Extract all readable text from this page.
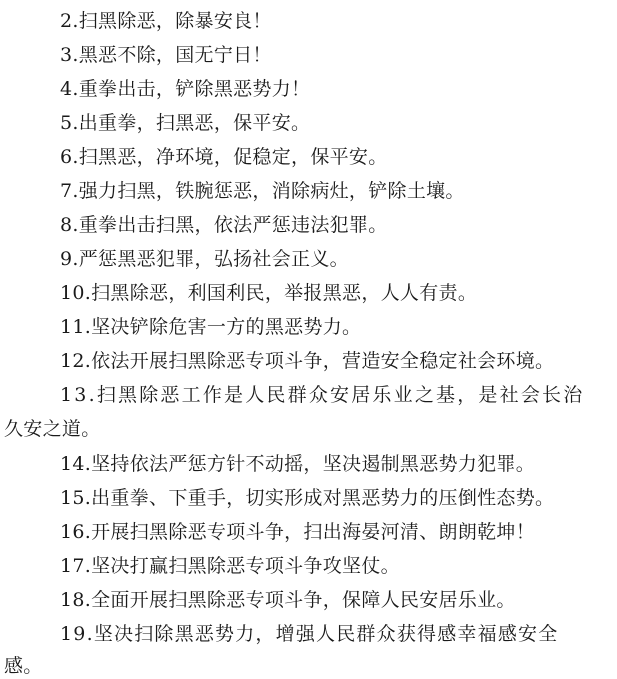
2.扫黑除恶，除暴安良！
3.黑恶不除，国无宁日！
4.重拳出击，铲除黑恶势力！
5.出重拳，扫黑恶，保平安。
6.扫黑恶，净环境，促稳定，保平安。
7.强力扫黑，铁腕惩恶，消除病灶，铲除土壤。
8.重拳出击扫黑，依法严惩违法犯罪。
9.严惩黑恶犯罪，弘扬社会正义。
10.扫黑除恶，利国利民，举报黑恶，人人有责。
11.坚决铲除危害一方的黑恶势力。
12.依法开展扫黑除恶专项斗争，营造安全稳定社会环境。
13.扫黑除恶工作是人民群众安居乐业之基，是社会长治
久安之道。
14.坚持依法严惩方针不动摇，坚决遏制黑恶势力犯罪。
15.出重拳、下重手，切实形成对黑恶势力的压倒性态势。
16.开展扫黑除恶专项斗争，扫出海晏河清、朗朗乾坤！
17.坚决打赢扫黑除恶专项斗争攻坚仗。
18.全面开展扫黑除恶专项斗争，保障人民安居乐业。
19.坚决扫除黑恶势力，增强人民群众获得感幸福感安全
感。
